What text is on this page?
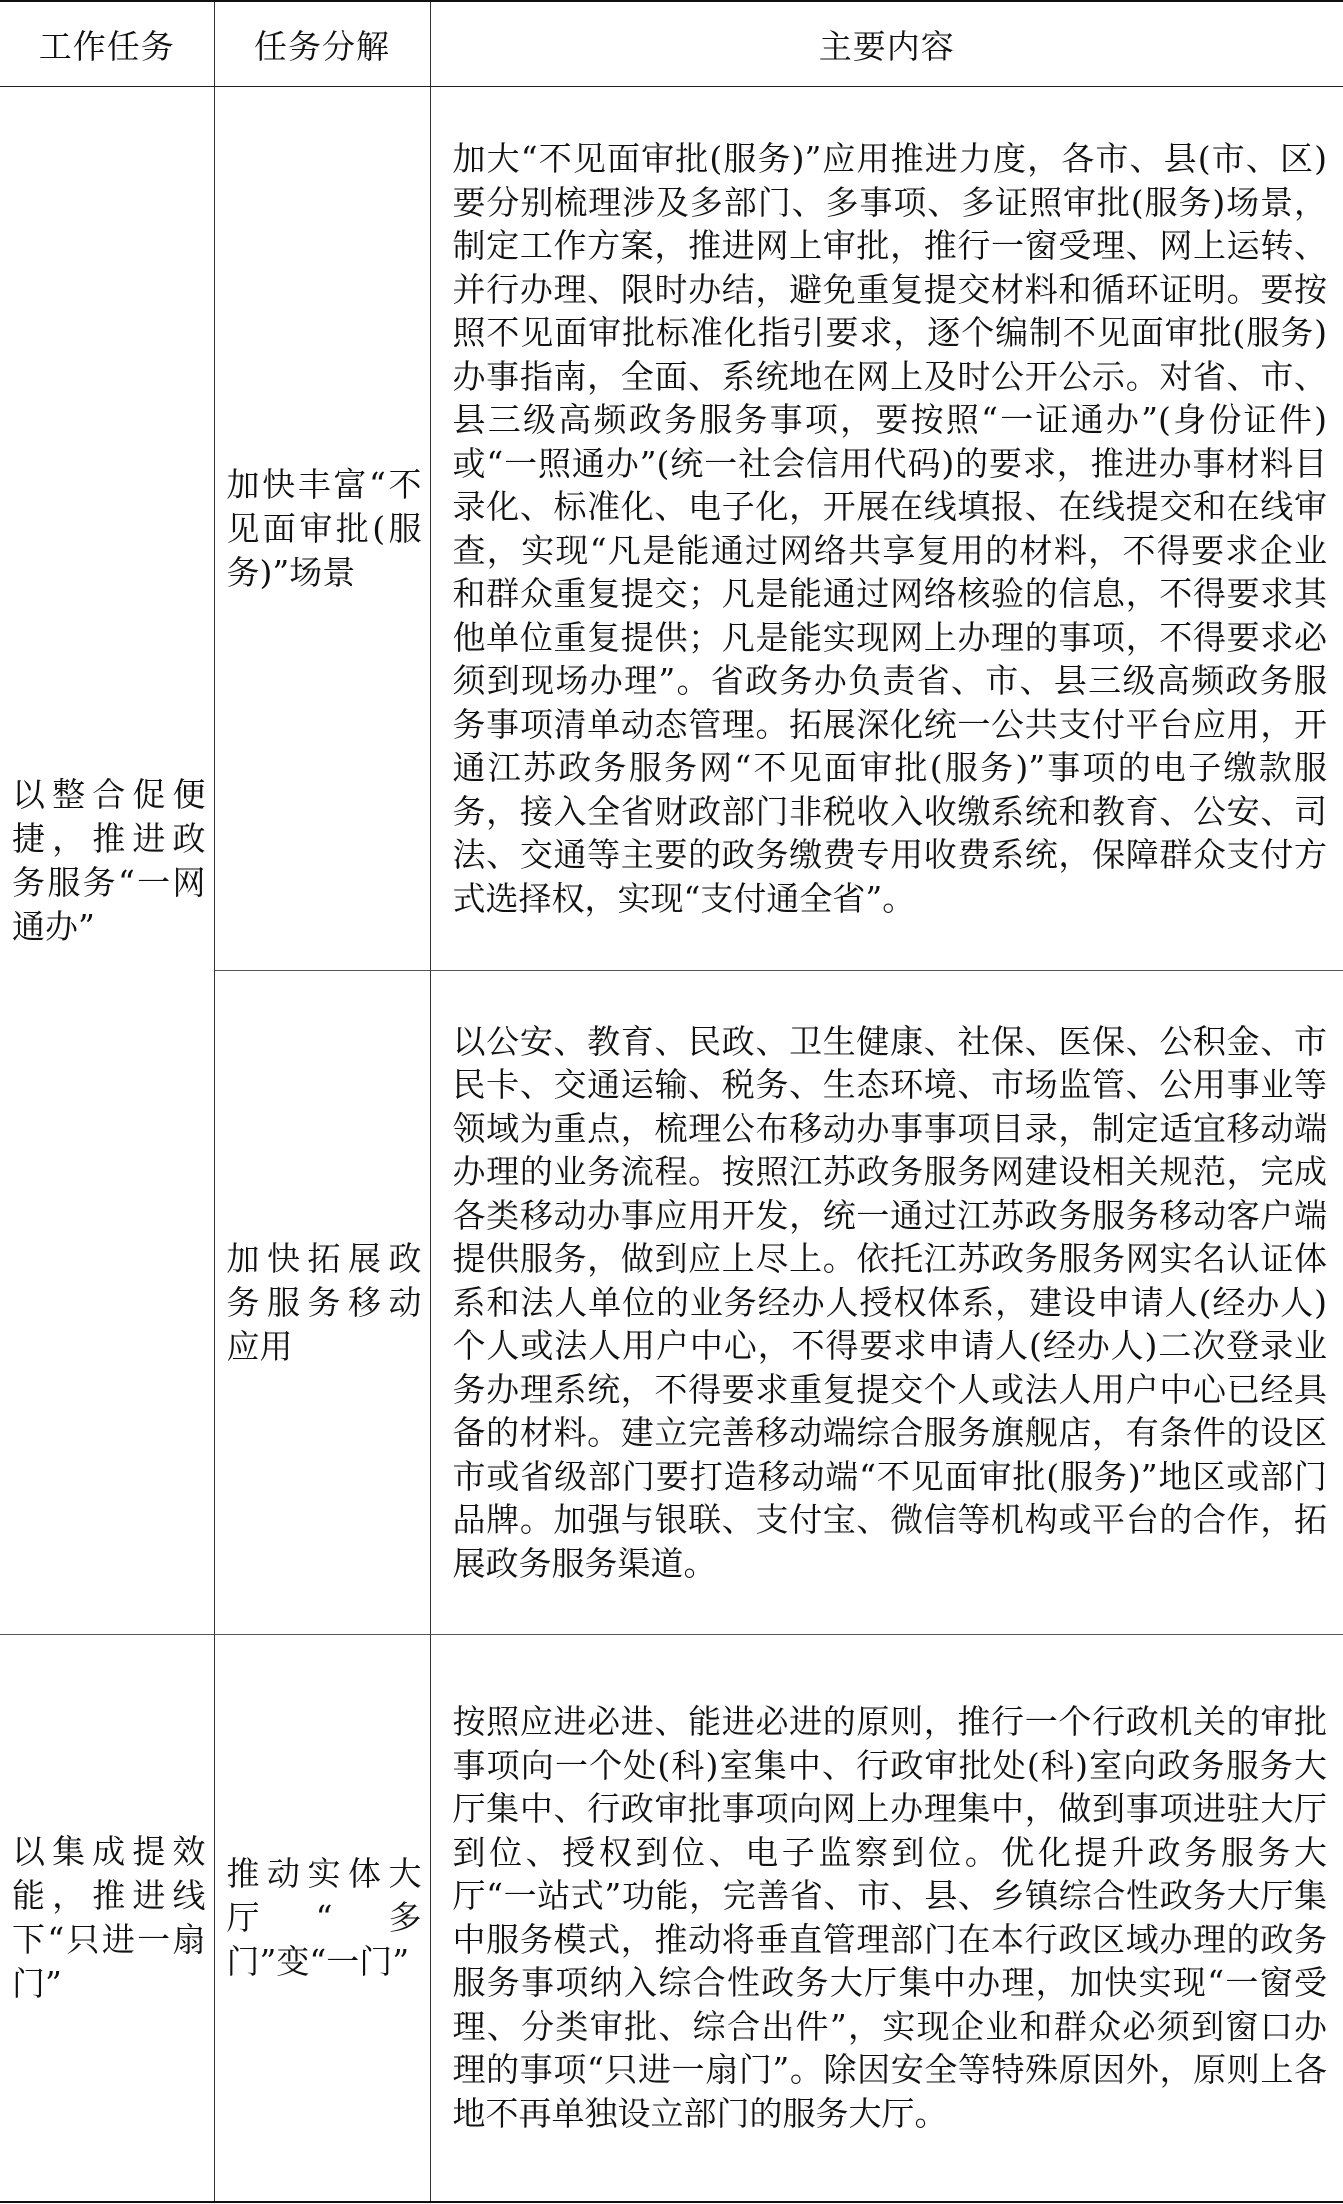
工作任务	任务分解	主要内容

以整合促便捷，推进政务服务“一网通办”	加快丰富“不见面审批(服务)”场景	加大“不见面审批(服务)”应用推进力度，各市、县(市、区)要分别梳理涉及多部门、多事项、多证照审批(服务)场景，制定工作方案，推进网上审批，推行一窗受理、网上运转、并行办理、限时办结，避免重复提交材料和循环证明。要按照不见面审批标准化指引要求，逐个编制不见面审批(服务)办事指南，全面、系统地在网上及时公开公示。对省、市、县三级高频政务服务事项，要按照“一证通办”(身份证件)或“一照通办”(统一社会信用代码)的要求，推进办事材料目录化、标准化、电子化，开展在线填报、在线提交和在线审查，实现“凡是能通过网络共享复用的材料，不得要求企业和群众重复提交；凡是能通过网络核验的信息，不得要求其他单位重复提供；凡是能实现网上办理的事项，不得要求必须到现场办理”。省政务办负责省、市、县三级高频政务服务事项清单动态管理。拓展深化统一公共支付平台应用，开通江苏政务服务网“不见面审批(服务)”事项的电子缴款服务，接入全省财政部门非税收入收缴系统和教育、公安、司法、交通等主要的政务缴费专用收费系统，保障群众支付方式选择权，实现“支付通全省”。

	加快拓展政务服务移动应用	以公安、教育、民政、卫生健康、社保、医保、公积金、市民卡、交通运输、税务、生态环境、市场监管、公用事业等领域为重点，梳理公布移动办事事项目录，制定适宜移动端办理的业务流程。按照江苏政务服务网建设相关规范，完成各类移动办事应用开发，统一通过江苏政务服务移动客户端提供服务，做到应上尽上。依托江苏政务服务网实名认证体系和法人单位的业务经办人授权体系，建设申请人(经办人)个人或法人用户中心，不得要求申请人(经办人)二次登录业务办理系统，不得要求重复提交个人或法人用户中心已经具备的材料。建立完善移动端综合服务旗舰店，有条件的设区市或省级部门要打造移动端“不见面审批(服务)”地区或部门品牌。加强与银联、支付宝、微信等机构或平台的合作，拓展政务服务渠道。

以集成提效能，推进线下“只进一扇门”	推动实体大厅“多门”变“一门”	按照应进必进、能进必进的原则，推行一个行政机关的审批事项向一个处(科)室集中、行政审批处(科)室向政务服务大厅集中、行政审批事项向网上办理集中，做到事项进驻大厅到位、授权到位、电子监察到位。优化提升政务服务大厅“一站式”功能，完善省、市、县、乡镇综合性政务大厅集中服务模式，推动将垂直管理部门在本行政区域办理的政务服务事项纳入综合性政务大厅集中办理，加快实现“一窗受理、分类审批、综合出件”，实现企业和群众必须到窗口办理的事项“只进一扇门”。除因安全等特殊原因外，原则上各地不再单独设立部门的服务大厅。
